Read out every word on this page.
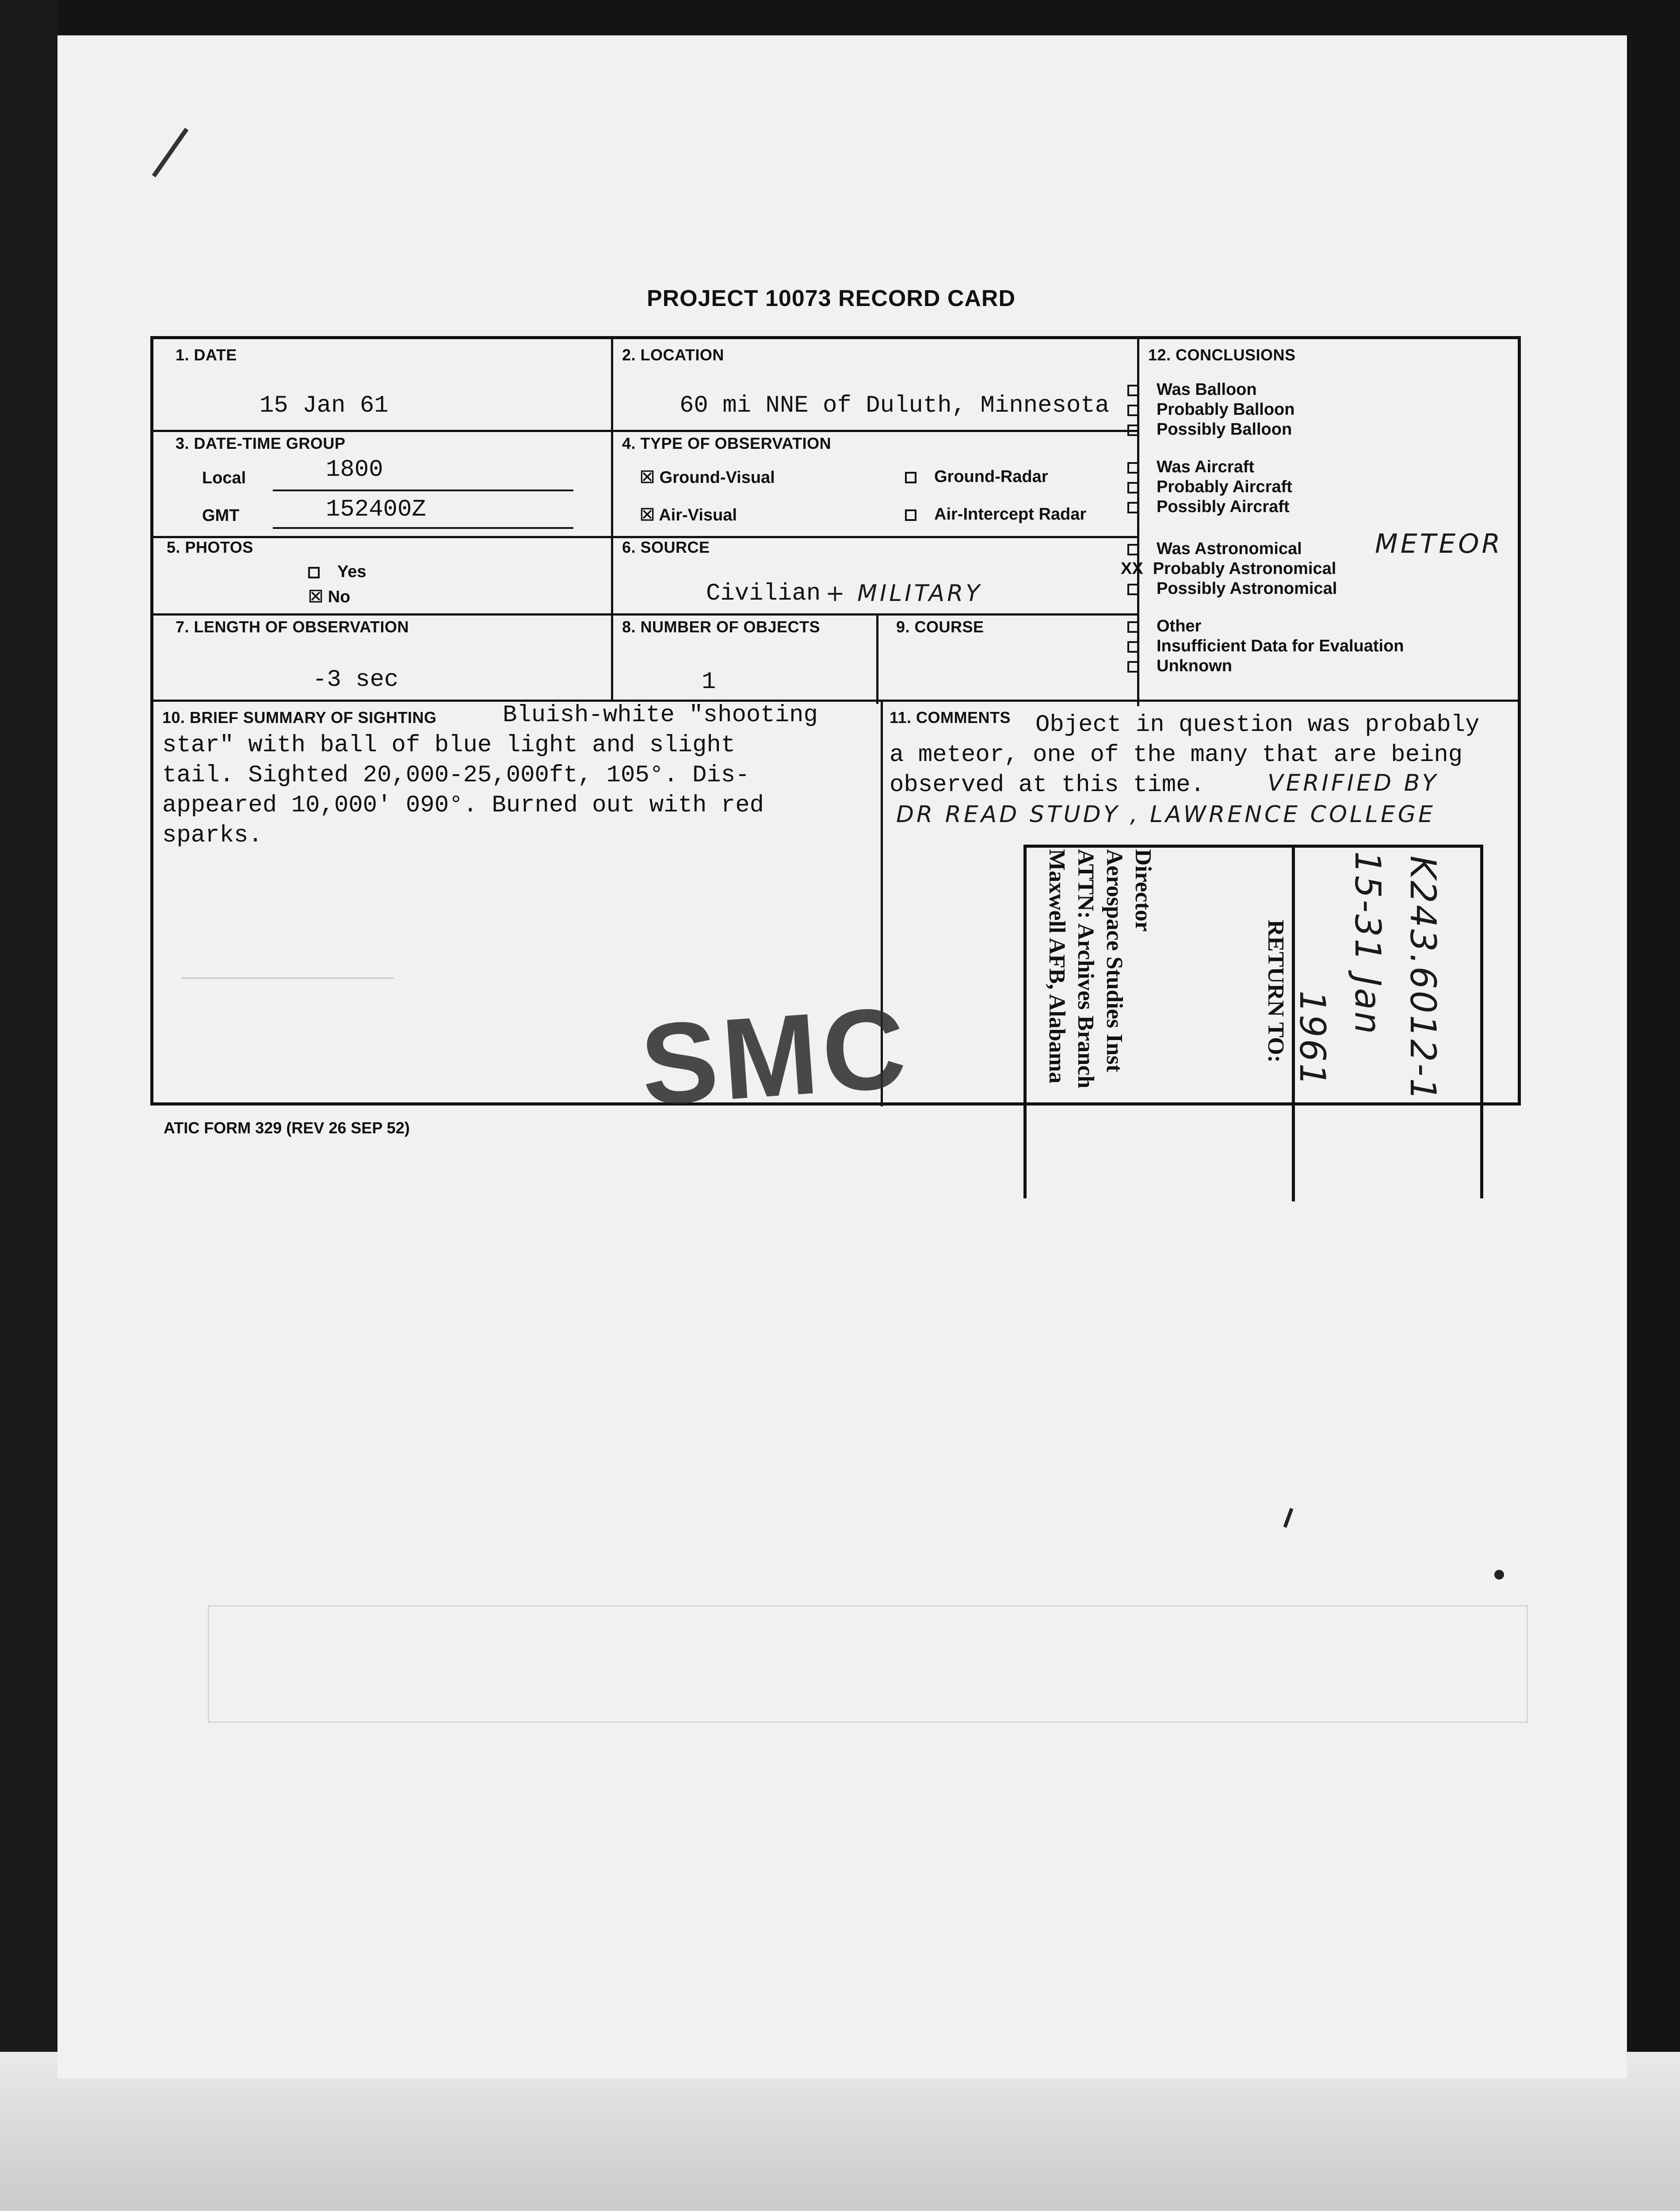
PROJECT 10073 RECORD CARD
1. DATE
15 Jan 61
2. LOCATION
60 mi NNE of Duluth, Minnesota
3. DATE-TIME GROUP
Local	1800
GMT	152400Z
4. TYPE OF OBSERVATION
☒ Ground-Visual	Ground-Radar
☒ Air-Visual	Air-Intercept Radar
5. PHOTOS
Yes
☒ No
6. SOURCE
Civilian + MILITARY
7. LENGTH OF OBSERVATION
-3 sec
8. NUMBER OF OBJECTS
1
9. COURSE
12. CONCLUSIONS
10. BRIEF SUMMARY OF SIGHTING	Bluish-white "shooting
star" with ball of blue light and slight
tail. Sighted 20,000-25,000ft, 105°. Dis-
appeared 10,000' 090°. Burned out with red
sparks.
11. COMMENTS Object in question was probably
a meteor, one of the many that are being
observed at this time.	VERIFIED BY
DR READ STUDY , LAWRENCE COLLEGE
Was Balloon
Probably Balloon
Possibly Balloon
Was Aircraft
Probably Aircraft
Possibly Aircraft
Was Astronomical	METEOR
XX Probably Astronomical
Possibly Astronomical
Other
Insufficient Data for Evaluation
Unknown
ATIC FORM 329 (REV 26 SEP 52) SMC	RETURN TO:
Director
Aerospace Studies Inst
ATTN: Archives Branch
Maxwell AFB, Alabama	K243.6012-1
15-31 Jan
1961
